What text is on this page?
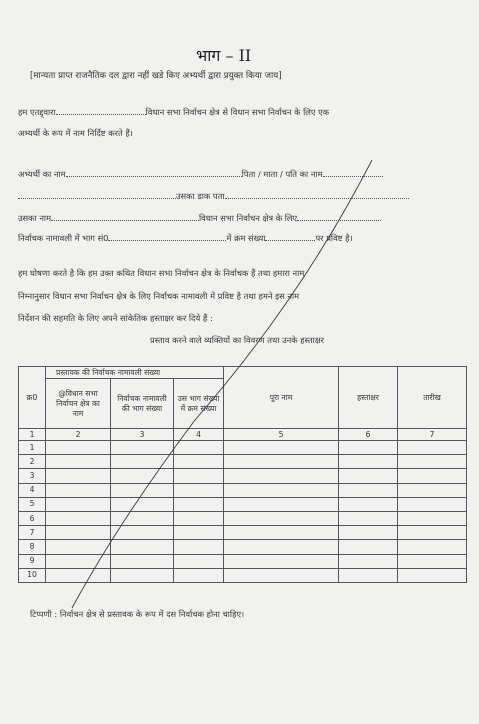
भाग – II
[मान्यता प्राप्त राजनैतिक दल द्वारा नहीं खडे किए अभ्यर्थी द्वारा प्रयुक्त किया जाय]
हम एतद्द्वारा	विधान सभा निर्वाचन क्षेत्र से विधान सभा निर्वाचन के लिए एक
अभ्यर्थी के रूप में नाम निर्दिष्ट करते हैं।
अभ्यर्थी का नाम	पिता / माता / पति का नाम
उसका डाक पता
उसका नाम	विधान सभा निर्वाचन क्षेत्र के लिए
निर्वाचक नामावली में भाग सं0	में क्रम संख्या	पर प्रविष्ट है।
हम घोषणा करते है कि हम उक्त कथित विधान सभा निर्वाचन क्षेत्र के निर्वाचक हैं तथा हमारा नाम
निम्नानुसार विधान सभा निर्वाचन क्षेत्र के लिए निर्वाचक नामावली में प्रविष्ट है तथा हमने इस नाम
निर्देशन की सहमति के लिए अपने सांकेतिक हस्ताक्षर कर दिये हैं :
प्रस्ताव करने वाले व्यक्तियों का विवरण तथा उनके हस्ताक्षर
क्र0	प्रस्तावक की निर्वाचक नामावली सख्या			पूरा नाम	हस्ताक्षर	तारीख
	@विधान सभा निर्वाचन क्षेत्र का नाम	निर्वाचक नामावली की भाग संख्या	उस भाग संख्या में क्रम संख्या			
1	2	3	4	5	6	7
1						
2						
3						
4						
5						
6						
7						
8						
9						
10						
टिप्पणी : निर्वाचन क्षेत्र से प्रस्तावक के रूप में दस निर्वाचक होना चाहिए।
